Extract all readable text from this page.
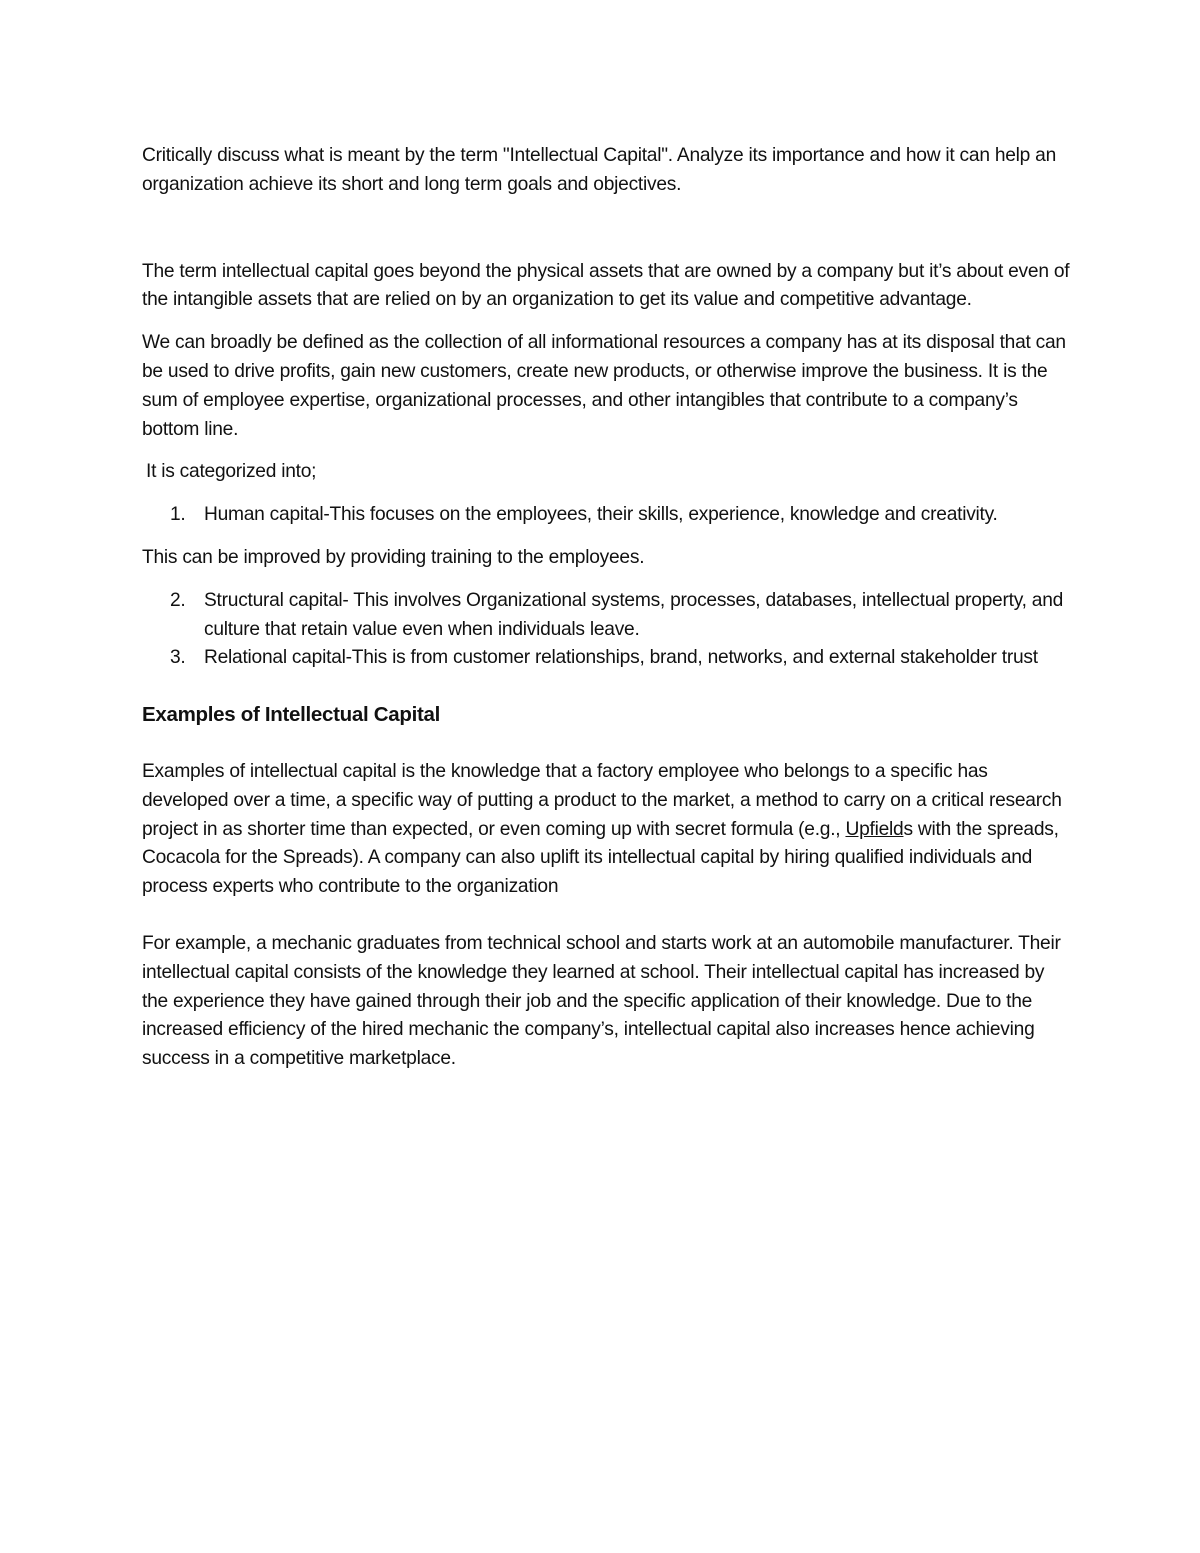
Critically discuss what is meant by the term "Intellectual Capital". Analyze its importance and how it can help an organization achieve its short and long term goals and objectives.

The term intellectual capital goes beyond the physical assets that are owned by a company but it’s about even of the intangible assets that are relied on by an organization to get its value and competitive advantage.

We can broadly be defined as the collection of all informational resources a company has at its disposal that can be used to drive profits, gain new customers, create new products, or otherwise improve the business. It is the sum of employee expertise, organizational processes, and other intangibles that contribute to a company’s bottom line.

It is categorized into;

1. Human capital-This focuses on the employees, their skills, experience, knowledge and creativity.

This can be improved by providing training to the employees.

2. Structural capital- This involves Organizational systems, processes, databases, intellectual property, and culture that retain value even when individuals leave.
3. Relational capital-This is from customer relationships, brand, networks, and external stakeholder trust

Examples of Intellectual Capital

Examples of intellectual capital is the knowledge that a factory employee who belongs to a specific has developed over a time, a specific way of putting a product to the market, a method to carry on a critical research project in as shorter time than expected, or even coming up with secret formula (e.g., Upfields with the spreads, Cocacola for the Spreads). A company can also uplift its intellectual capital by hiring qualified individuals and process experts who contribute to the organization

For example, a mechanic graduates from technical school and starts work at an automobile manufacturer. Their intellectual capital consists of the knowledge they learned at school. Their intellectual capital has increased by the experience they have gained through their job and the specific application of their knowledge. Due to the increased efficiency of the hired mechanic the company’s, intellectual capital also increases hence achieving success in a competitive marketplace.
